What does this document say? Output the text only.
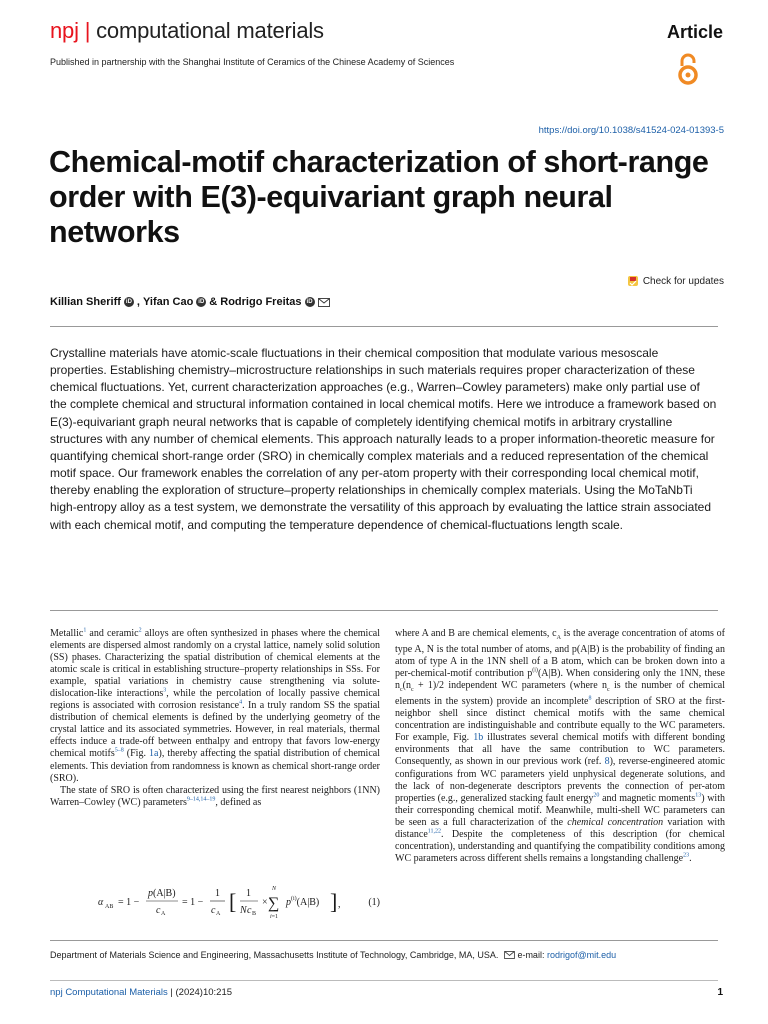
npj | computational materials	Article
Published in partnership with the Shanghai Institute of Ceramics of the Chinese Academy of Sciences
https://doi.org/10.1038/s41524-024-01393-5
Chemical-motif characterization of short-range order with E(3)-equivariant graph neural networks
Check for updates
Killian Sheriff iD , Yifan Cao iD & Rodrigo Freitas iD

Crystalline materials have atomic-scale fluctuations in their chemical composition that modulate various mesoscale properties. Establishing chemistry–microstructure relationships in such materials requires proper characterization of these chemical fluctuations. Yet, current characterization approaches (e.g., Warren–Cowley parameters) make only partial use of the complete chemical and structural information contained in local chemical motifs. Here we introduce a framework based on E(3)-equivariant graph neural networks that is capable of completely identifying chemical motifs in arbitrary crystalline structures with any number of chemical elements. This approach naturally leads to a proper information-theoretic measure for quantifying chemical short-range order (SRO) in chemically complex materials and a reduced representation of the chemical motif space. Our framework enables the correlation of any per-atom property with their corresponding local chemical motif, thereby enabling the exploration of structure–property relationships in chemically complex materials. Using the MoTaNbTi high-entropy alloy as a test system, we demonstrate the versatility of this approach by evaluating the lattice strain associated with each chemical motif, and computing the temperature dependence of chemical-fluctuations length scale.

Metallic$^1$ and ceramic$^2$ alloys are often synthesized in phases where the chemical elements are dispersed almost randomly on a crystal lattice, namely solid solution (SS) phases. Characterizing the spatial distribution of chemical elements at the atomic scale is critical in establishing structure–property relationships in SSs. For example, spatial variations in chemistry cause strengthening via solute-dislocation-like interactions$^3$, while the percolation of locally passive chemical regions is associated with corrosion resistance$^4$. In a truly random SS the spatial distribution of chemical elements is defined by the underlying geometry of the crystal lattice and its associated symmetries. However, in real materials, thermal effects induce a trade-off between enthalpy and entropy that favors low-energy chemical motifs$^{5-8}$ (Fig. 1a), thereby affecting the spatial distribution of chemical elements. This deviation from randomness is known as chemical short-range order (SRO).

The state of SRO is often characterized using the first nearest neighbors (1NN) Warren–Cowley (WC) parameters$^{9-14,14-19}$, defined as

α AB = 1 −
p(A|B)
c A
= 1 −
1
c A [ 1
N c B
×
N
∑
i=1
$p^{(i)}(A|B)$ ] ,	(1)

where A and B are chemical elements, $c_A$ is the average concentration of atoms of type A, N is the total number of atoms, and p(A|B) is the probability of finding an atom of type A in the 1NN shell of a B atom, which can be broken down into a per-chemical-motif contribution $p^{(i)}(A|B)$. When considering only the 1NN, these $n_c(n_c + 1)/2$ independent WC parameters (where $n_c$ is the number of chemical elements in the system) provide an incomplete$^8$ description of SRO at the first-neighbor shell since distinct chemical motifs with the same chemical concentration are indistinguishable and contribute equally to the WC parameters. For example, Fig. 1b illustrates several chemical motifs with different bonding environments that all have the same contribution to WC parameters. Consequently, as shown in our previous work (ref. 8), reverse-engineered atomic configurations from WC parameters yield unphysical degenerate solutions, and the lack of non-degenerate descriptors prevents the connection of per-atom properties (e.g., generalized stacking fault energy$^{20}$ and magnetic moments$^{13}$) with their corresponding chemical motif. Meanwhile, multi-shell WC parameters can be seen as a full characterization of the chemical concentration variation with distance$^{11,22}$. Despite the completeness of this description (for chemical concentration), understanding and quantifying the compatibility conditions among WC parameters across different shells remains a longstanding challenge$^{23}$.

Department of Materials Science and Engineering, Massachusetts Institute of Technology, Cambridge, MA, USA. e-mail: rodrigof@mit.edu
npj Computational Materials | (2024)10:215	1
